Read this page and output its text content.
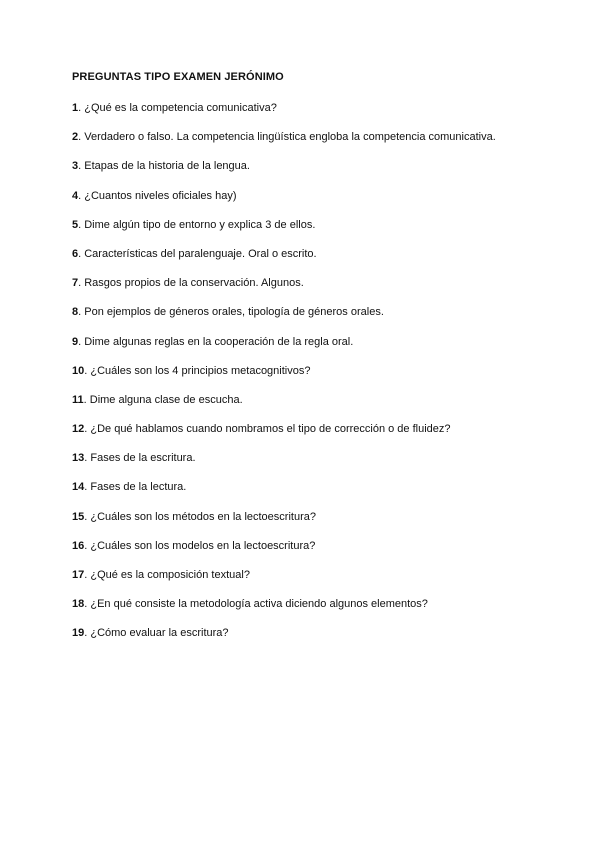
PREGUNTAS TIPO EXAMEN JERÓNIMO
1. ¿Qué es la competencia comunicativa?
2. Verdadero o falso. La competencia lingüística engloba la competencia comunicativa.
3. Etapas de la historia de la lengua.
4. ¿Cuantos niveles oficiales hay)
5. Dime algún tipo de entorno y explica 3 de ellos.
6. Características del paralenguaje. Oral o escrito.
7. Rasgos propios de la conservación. Algunos.
8. Pon ejemplos de géneros orales, tipología de géneros orales.
9. Dime algunas reglas en la cooperación de la regla oral.
10. ¿Cuáles son los 4 principios metacognitivos?
11. Dime alguna clase de escucha.
12. ¿De qué hablamos cuando nombramos el tipo de corrección o de fluidez?
13. Fases de la escritura.
14. Fases de la lectura.
15. ¿Cuáles son los métodos en la lectoescritura?
16. ¿Cuáles son los modelos en la lectoescritura?
17. ¿Qué es la composición textual?
18. ¿En qué consiste la metodología activa diciendo algunos elementos?
19. ¿Cómo evaluar la escritura?
